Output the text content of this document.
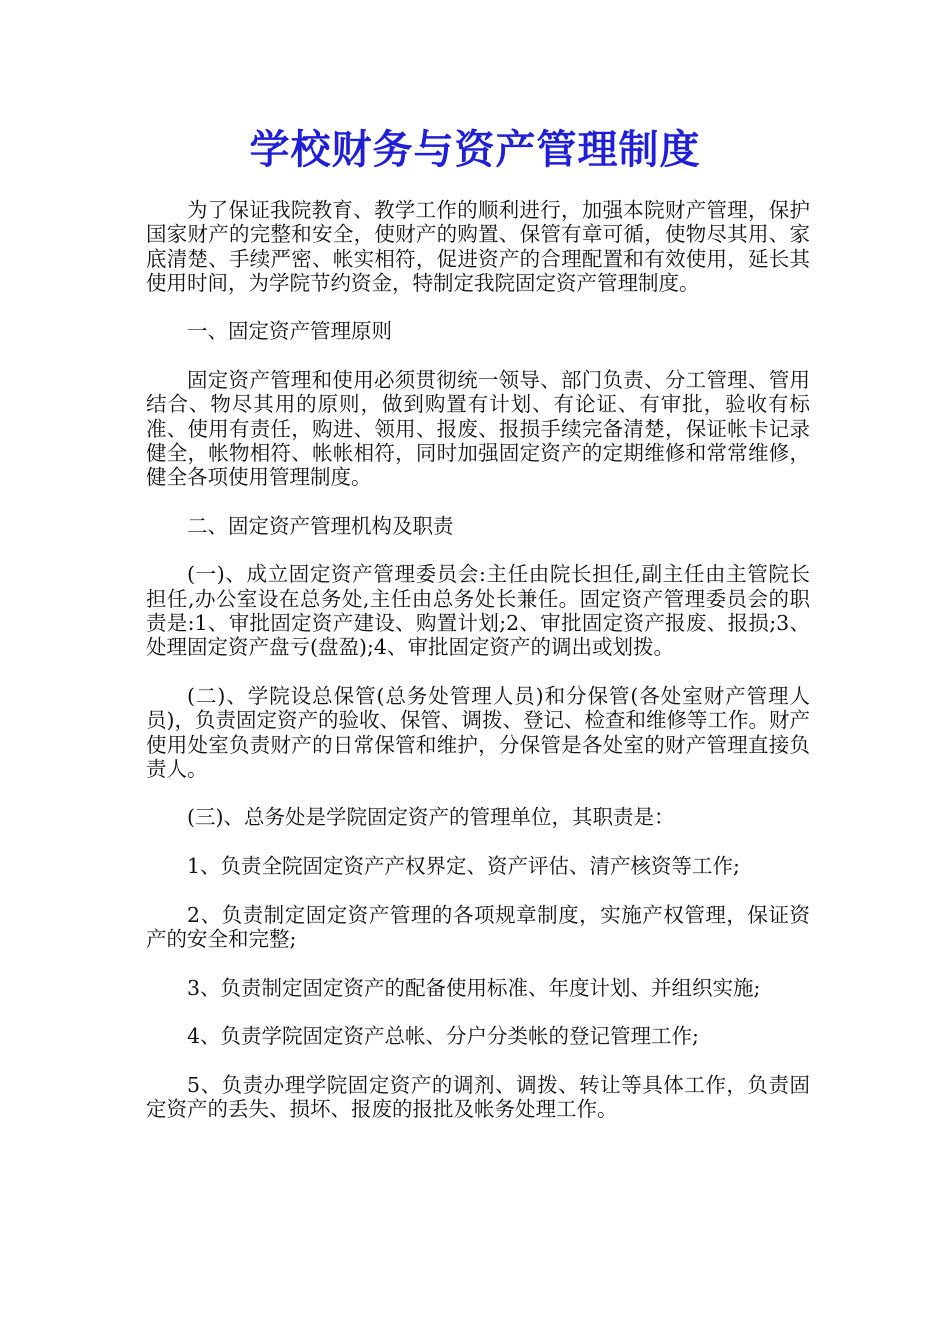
学校财务与资产管理制度

为了保证我院教育、教学工作的顺利进行，加强本院财产管理，保护国家财产的完整和安全，使财产的购置、保管有章可循，使物尽其用、家底清楚、手续严密、帐实相符，促进资产的合理配置和有效使用，延长其使用时间，为学院节约资金，特制定我院固定资产管理制度。

一、固定资产管理原则

固定资产管理和使用必须贯彻统一领导、部门负责、分工管理、管用结合、物尽其用的原则，做到购置有计划、有论证、有审批，验收有标准、使用有责任，购进、领用、报废、报损手续完备清楚，保证帐卡记录健全，帐物相符、帐帐相符，同时加强固定资产的定期维修和常常维修，健全各项使用管理制度。

二、固定资产管理机构及职责

(一)、成立固定资产管理委员会:主任由院长担任,副主任由主管院长担任,办公室设在总务处,主任由总务处长兼任。固定资产管理委员会的职责是:1、审批固定资产建设、购置计划;2、审批固定资产报废、报损;3、处理固定资产盘亏(盘盈);4、审批固定资产的调出或划拨。

(二)、学院设总保管(总务处管理人员)和分保管(各处室财产管理人员)，负责固定资产的验收、保管、调拨、登记、检查和维修等工作。财产使用处室负责财产的日常保管和维护，分保管是各处室的财产管理直接负责人。

(三)、总务处是学院固定资产的管理单位，其职责是：

1、负责全院固定资产产权界定、资产评估、清产核资等工作;

2、负责制定固定资产管理的各项规章制度，实施产权管理，保证资产的安全和完整;

3、负责制定固定资产的配备使用标准、年度计划、并组织实施;

4、负责学院固定资产总帐、分户分类帐的登记管理工作;

5、负责办理学院固定资产的调剂、调拨、转让等具体工作，负责固定资产的丢失、损坏、报废的报批及帐务处理工作。
